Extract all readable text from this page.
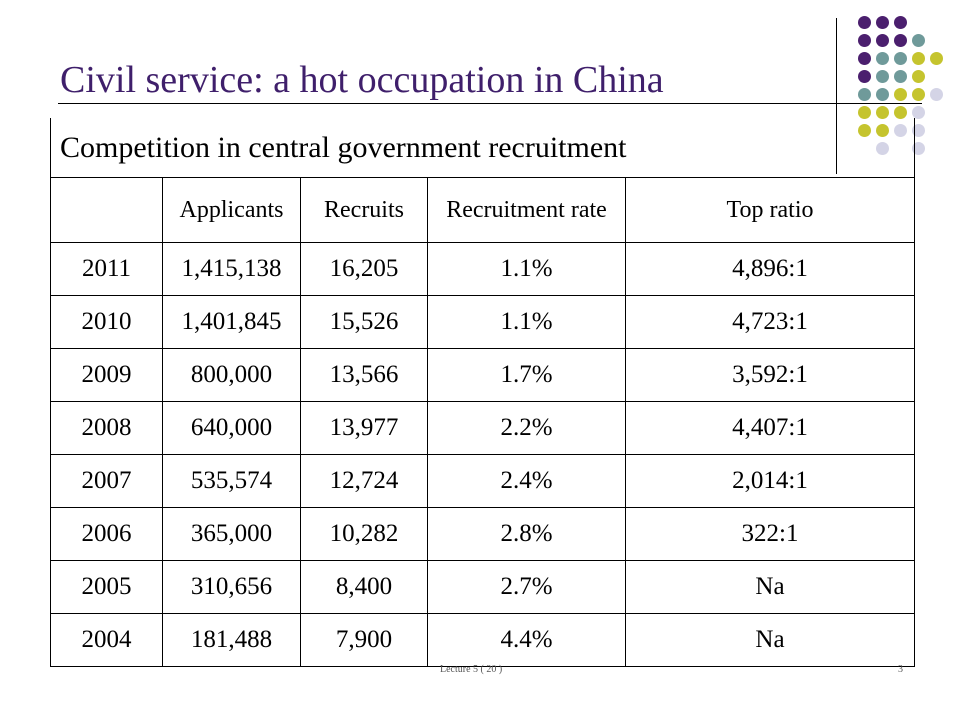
Civil service: a hot occupation in China
Competition in central government recruitment				
	Applicants	Recruits	Recruitment rate	Top ratio
2011	1,415,138	16,205	1.1%	4,896:1
2010	1,401,845	15,526	1.1%	4,723:1
2009	800,000	13,566	1.7%	3,592:1
2008	640,000	13,977	2.2%	4,407:1
2007	535,574	12,724	2.4%	2,014:1
2006	365,000	10,282	2.8%	322:1
2005	310,656	8,400	2.7%	Na
2004	181,488	7,900	4.4%	Na
Lecture 5 ( 20 )	3
